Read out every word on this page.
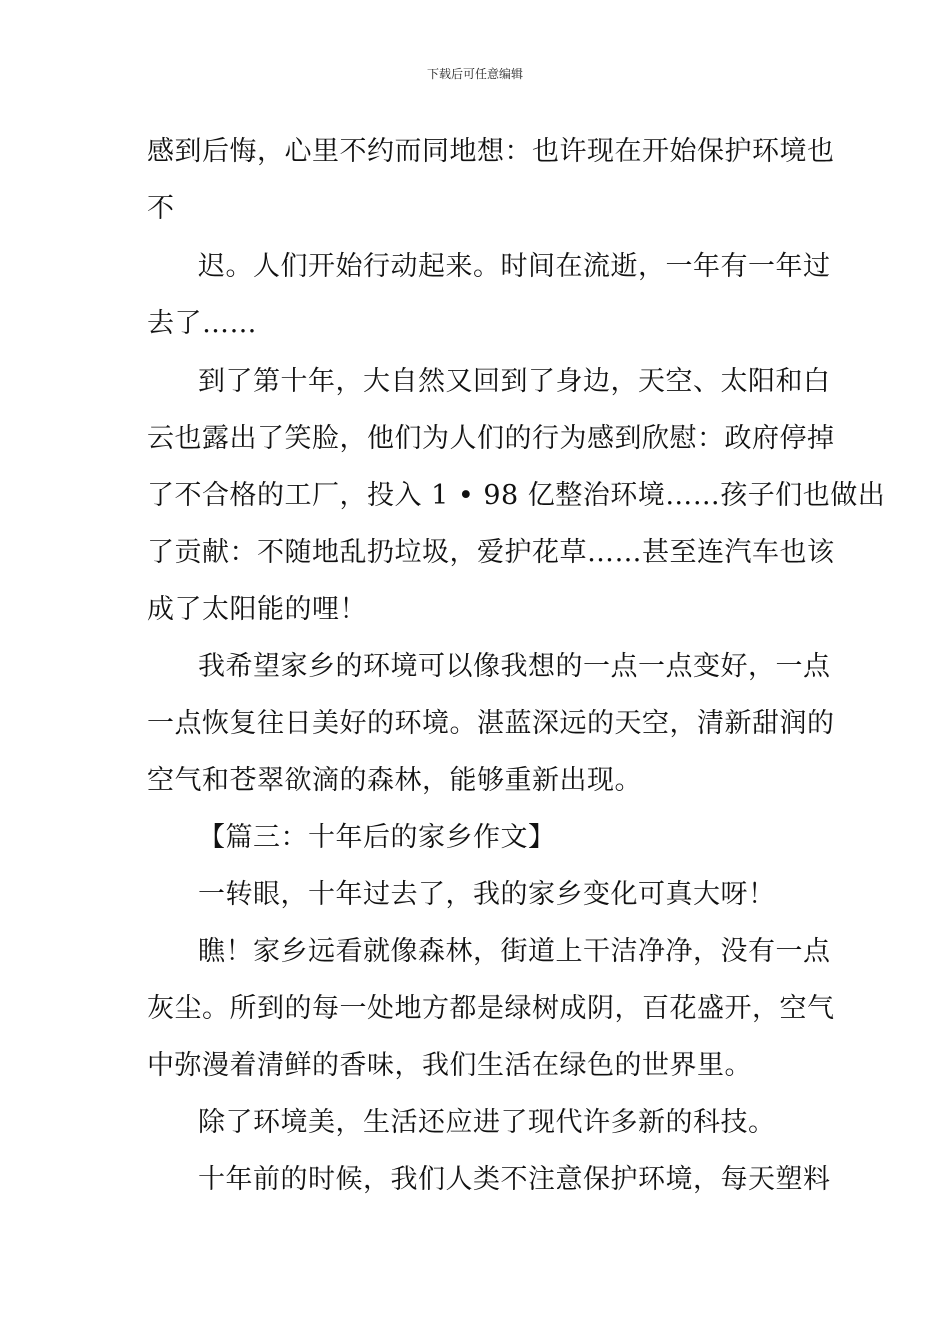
下载后可任意编辑
感到后悔，心里不约而同地想：也许现在开始保护环境也
不
迟。人们开始行动起来。时间在流逝，一年有一年过
去了……
到了第十年，大自然又回到了身边，天空、太阳和白
云也露出了笑脸，他们为人们的行为感到欣慰：政府停掉
了不合格的工厂，投入 1 • 98 亿整治环境……孩子们也做出
了贡献：不随地乱扔垃圾，爱护花草……甚至连汽车也该
成了太阳能的哩！
我希望家乡的环境可以像我想的一点一点变好，一点
一点恢复往日美好的环境。湛蓝深远的天空，清新甜润的
空气和苍翠欲滴的森林，能够重新出现。
【篇三：十年后的家乡作文】
一转眼，十年过去了，我的家乡变化可真大呀！
瞧！家乡远看就像森林，街道上干洁净净，没有一点
灰尘。所到的每一处地方都是绿树成阴，百花盛开，空气
中弥漫着清鲜的香味，我们生活在绿色的世界里。
除了环境美，生活还应进了现代许多新的科技。
十年前的时候，我们人类不注意保护环境，每天塑料
